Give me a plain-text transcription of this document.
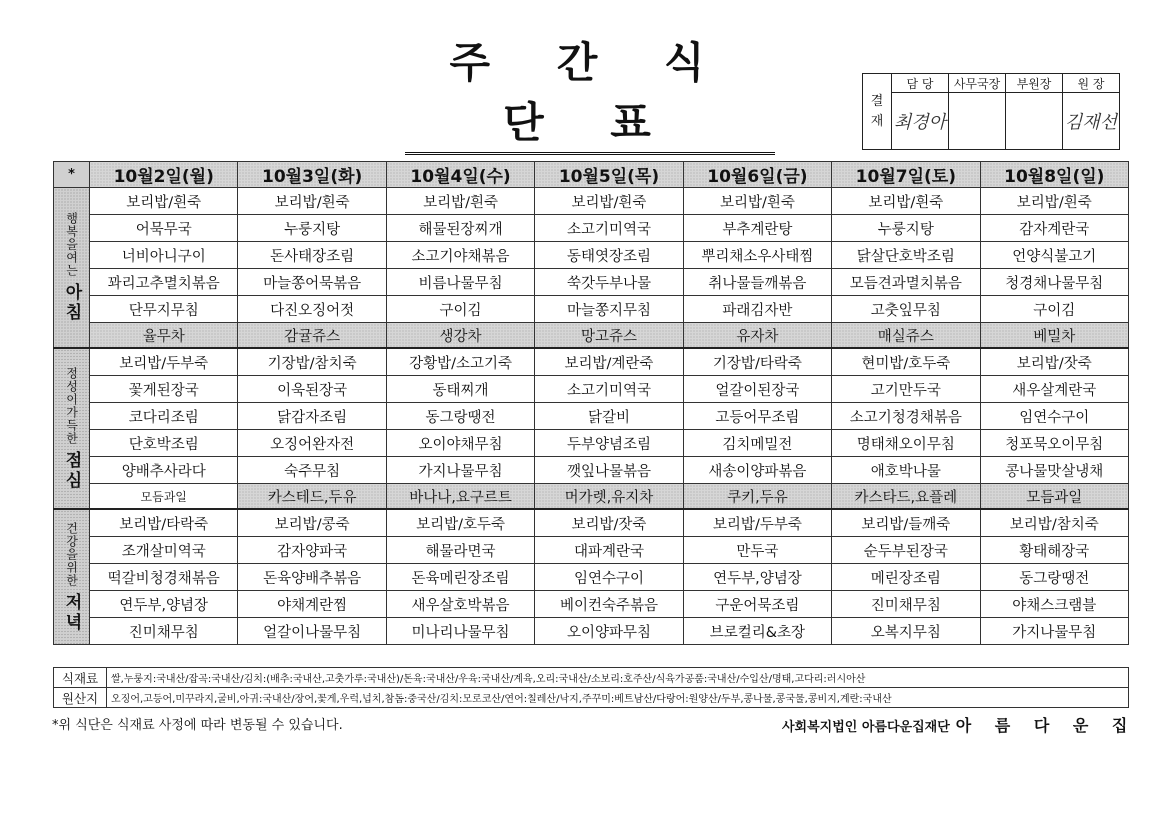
주 간 식 단 표	결
재	담 당	사무국장	부원장	원 장
	최경아			김재선
*	10월2일(월)	10월3일(화)	10월4일(수)	10월5일(목)	10월6일(금)	10월7일(토)	10월8일(일)

행복을여는
아침	보리밥/흰죽	보리밥/흰죽	보리밥/흰죽	보리밥/흰죽	보리밥/흰죽	보리밥/흰죽	보리밥/흰죽
	어묵무국	누룽지탕	해물된장찌개	소고기미역국	부추계란탕	누룽지탕	감자계란국
	너비아니구이	돈사태장조림	소고기야채볶음	동태엿장조림	뿌리채소우사태찜	닭살단호박조림	언양식불고기
	꽈리고추멸치볶음	마늘쫑어묵볶음	비름나물무침	쑥갓두부나물	취나물들깨볶음	모듬견과멸치볶음	청경채나물무침
	단무지무침	다진오징어젓	구이김	마늘쫑지무침	파래김자반	고춧잎무침	구이김
	율무차	감귤쥬스	생강차	망고쥬스	유자차	매실쥬스	베밀차

정성이가득한
점심	보리밥/두부죽	기장밥/참치죽	강황밥/소고기죽	보리밥/계란죽	기장밥/타락죽	현미밥/호두죽	보리밥/잣죽
	꽃게된장국	이욱된장국	동태찌개	소고기미역국	얼갈이된장국	고기만두국	새우살계란국
	코다리조림	닭감자조림	동그랑땡전	닭갈비	고등어무조림	소고기청경채볶음	임연수구이
	단호박조림	오징어완자전	오이야채무침	두부양념조림	김치메밀전	명태채오이무침	청포묵오이무침
	양배추사라다	숙주무침	가지나물무침	깻잎나물볶음	새송이양파볶음	애호박나물	콩나물맛살냉채
	모듬과일	카스테드,두유	바나나,요구르트	머가렛,유지차	쿠키,두유	카스타드,요플레	모듬과일

건강을위한
저녁	보리밥/타락죽	보리밥/콩죽	보리밥/호두죽	보리밥/잣죽	보리밥/두부죽	보리밥/들깨죽	보리밥/참치죽
	조개살미역국	감자양파국	해물라면국	대파계란국	만두국	순두부된장국	황태해장국
	떡갈비청경채볶음	돈육양배추볶음	돈육메린장조림	임연수구이	연두부,양념장	메린장조림	동그랑땡전
	연두부,양념장	야채계란찜	새우살호박볶음	베이컨숙주볶음	구운어묵조림	진미채무침	야채스크램블
	진미채무침	얼갈이나물무침	미나리나물무침	오이양파무침	브로컬리&초장	오복지무침	가지나물무침
식재료	쌀,누룽지:국내산/잡곡:국내산/김치:(배추:국내산,고춧가루:국내산)/돈육:국내산/우육:국내산/계육,오리:국내산/소보리:호주산/식육가공품:국내산/수입산/명태,고다리:러시아산
원산지	오징어,고등어,미꾸라지,굴비,아귀:국내산/장어,꽃게,우럭,넙치,참돔:중국산/김치:모로코산/연어:칠레산/낙지,주꾸미:베트남산/다랑어:원양산/두부,콩나물,콩국물,콩비지,계란:국내산
*위 식단은 식재료 사정에 따라 변동될 수 있습니다.	사회복지법인 아름다운집재단 아 름 다 운 집
